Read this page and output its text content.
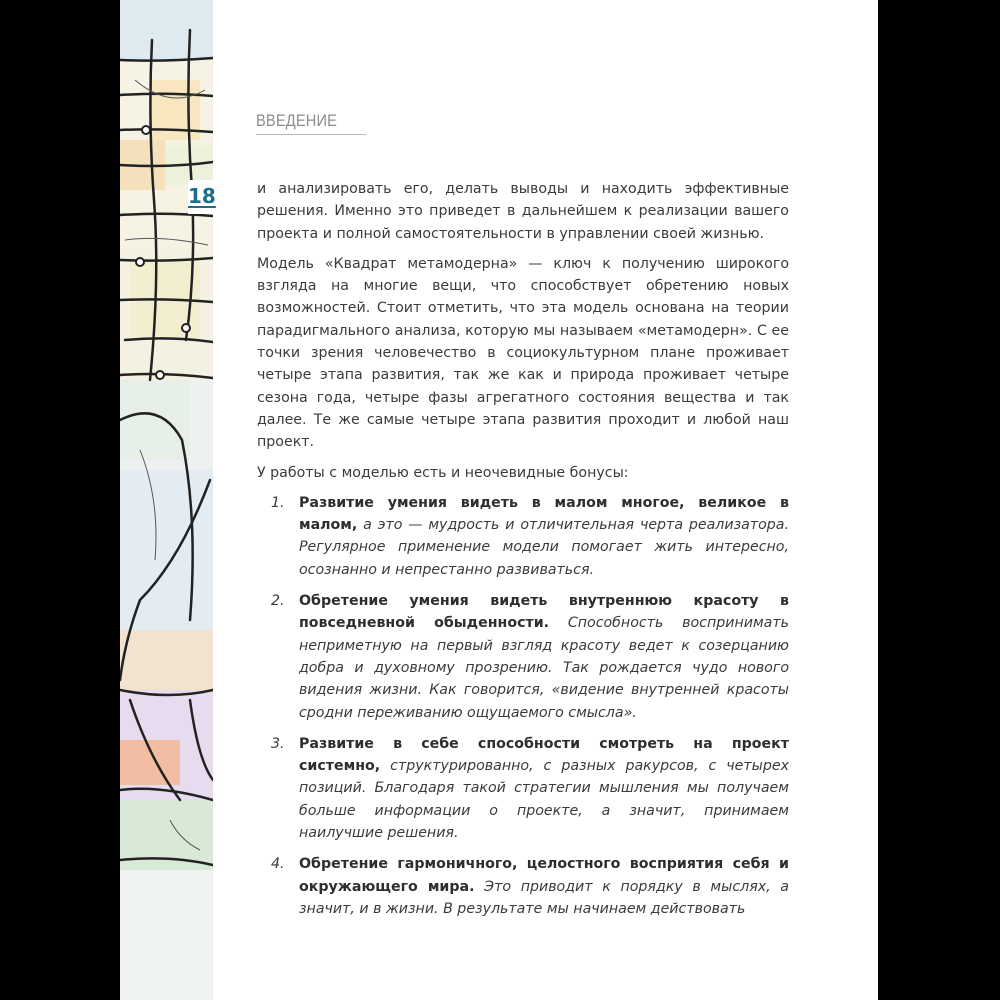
18
ВВЕДЕНИЕ

и анализировать его, делать выводы и находить эффективные решения. Именно это приведет в дальнейшем к реализации вашего проекта и полной самостоятельности в управлении своей жизнью.

Модель «Квадрат метамодерна» — ключ к получению широкого взгляда на многие вещи, что способствует обретению новых возможностей. Стоит отметить, что эта модель основана на теории парадигмального анализа, которую мы называем «метамодерн». С ее точки зрения человечество в социокультурном плане проживает четыре этапа развития, так же как и природа проживает четыре сезона года, четыре фазы агрегатного состояния вещества и так далее. Те же самые четыре этапа развития проходит и любой наш проект.

У работы с моделью есть и неочевидные бонусы:

1. Развитие умения видеть в малом многое, великое в малом, а это — мудрость и отличительная черта реализатора. Регулярное применение модели помогает жить интересно, осознанно и непрестанно развиваться.
2. Обретение умения видеть внутреннюю красоту в повседневной обыденности. Способность воспринимать неприметную на первый взгляд красоту ведет к созерцанию добра и духовному прозрению. Так рождается чудо нового видения жизни. Как говорится, «видение внутренней красоты сродни переживанию ощущаемого смысла».
3. Развитие в себе способности смотреть на проект системно, структурированно, с разных ракурсов, с четырех позиций. Благодаря такой стратегии мышления мы получаем больше информации о проекте, а значит, принимаем наилучшие решения.
4. Обретение гармоничного, целостного восприятия себя и окружающего мира. Это приводит к порядку в мыслях, а значит, и в жизни. В результате мы начинаем действовать
